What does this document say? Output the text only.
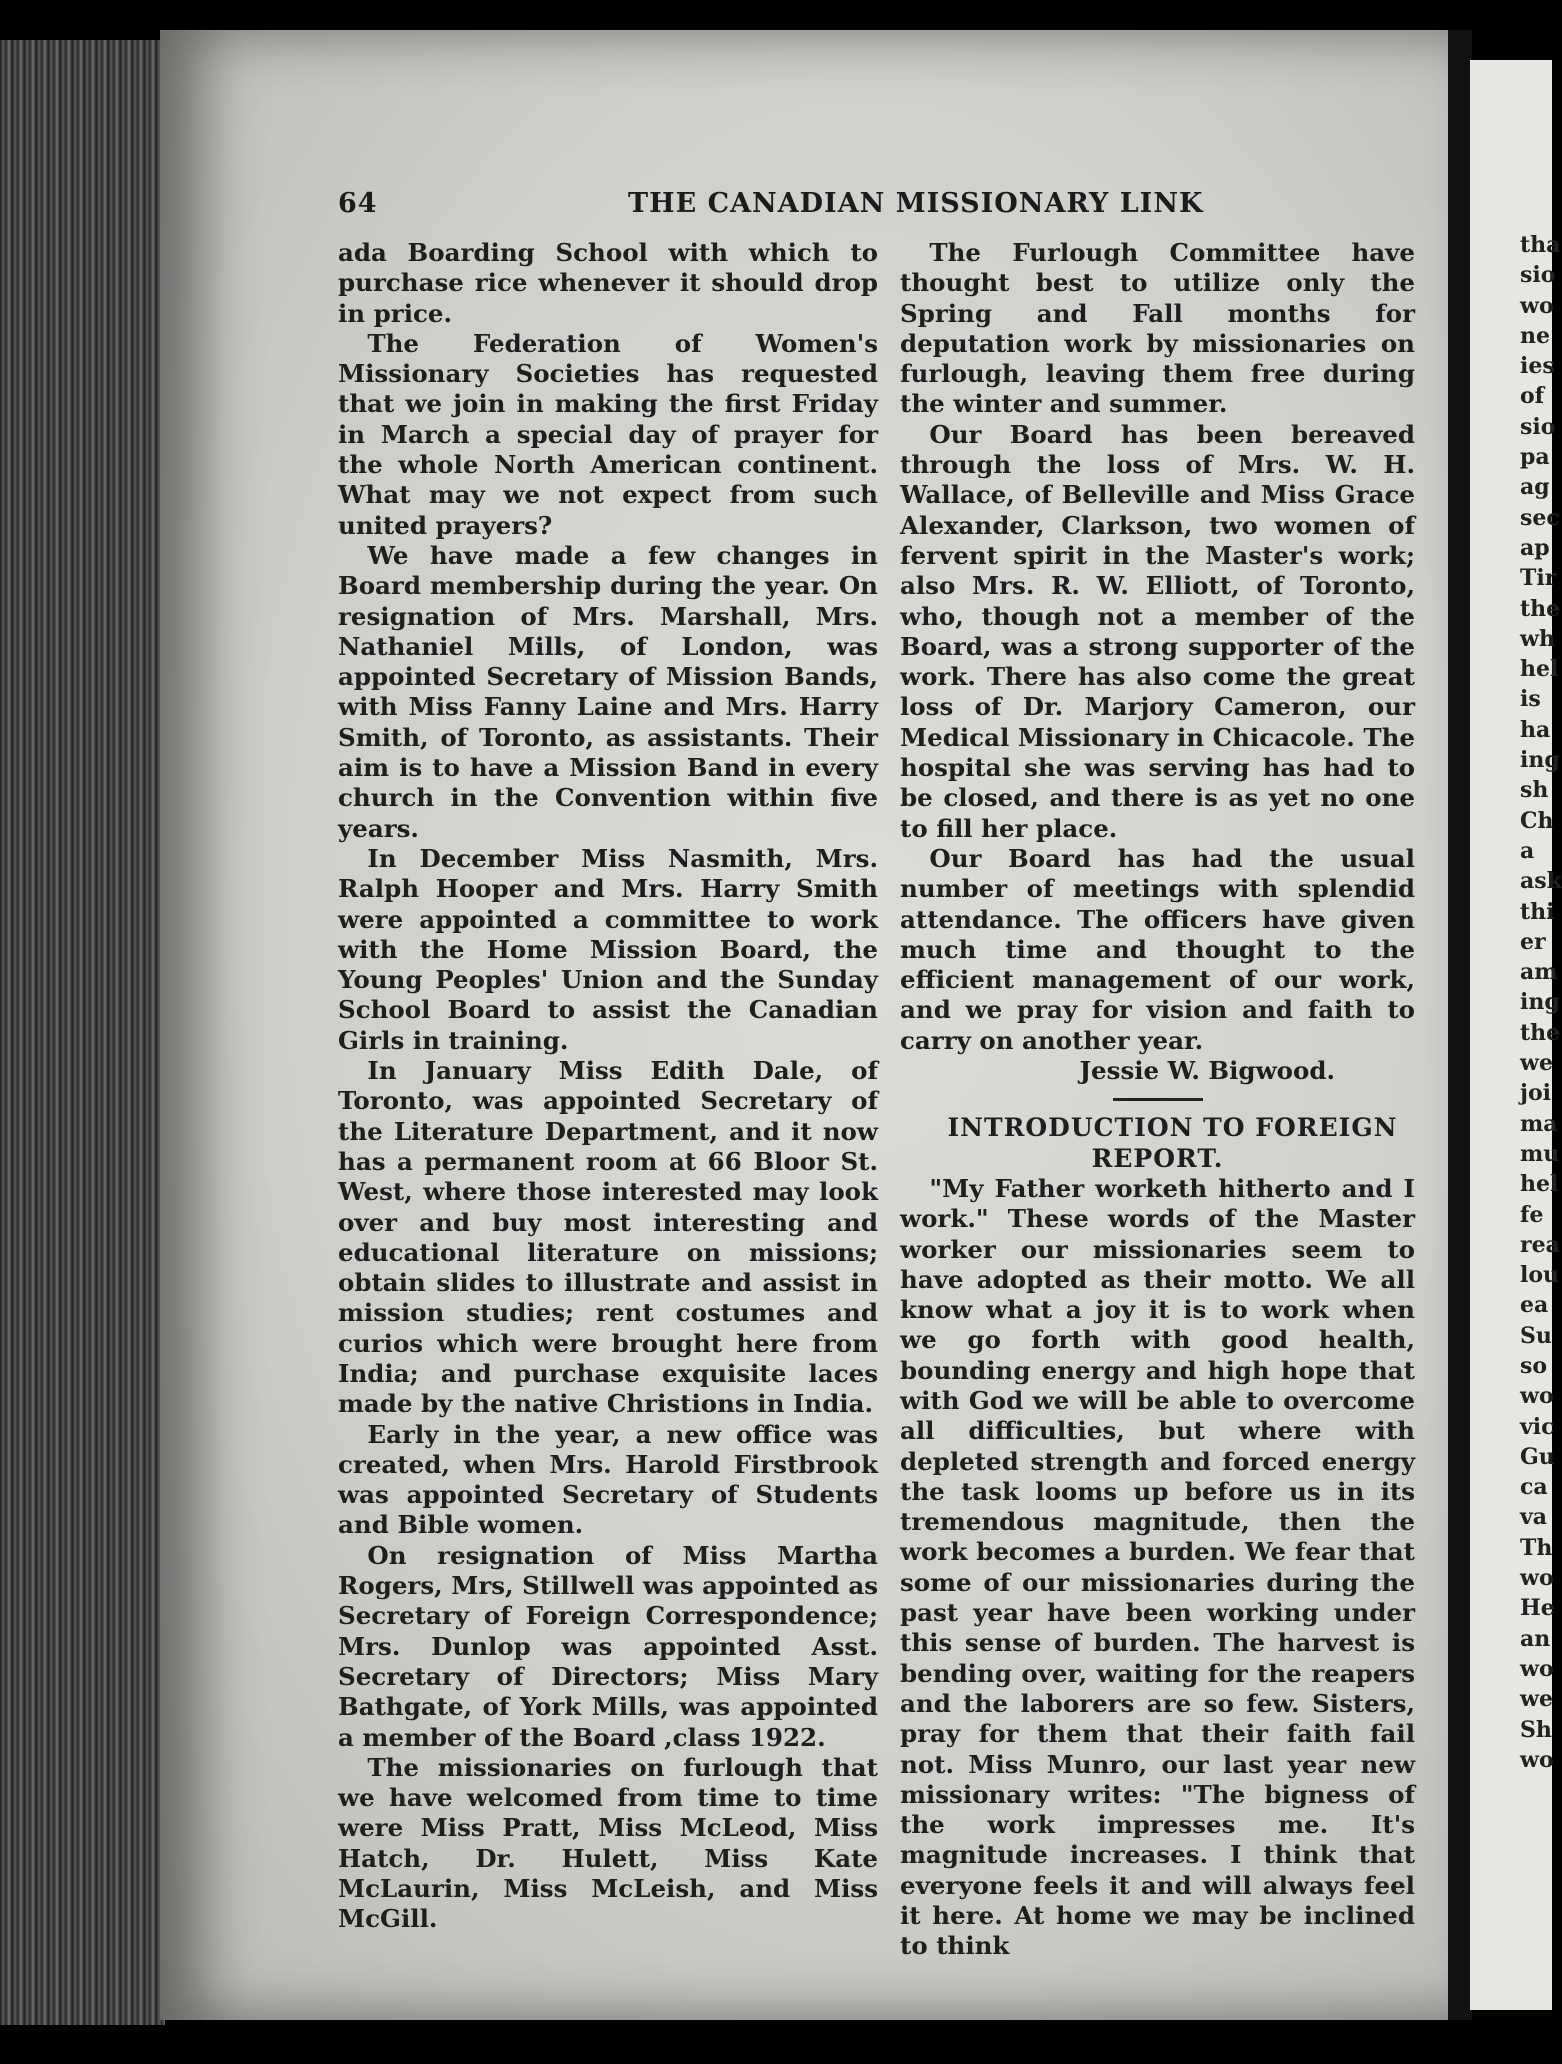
64	THE CANADIAN MISSIONARY LINK

ada Boarding School with which to purchase rice whenever it should drop in price.

The Federation of Women's Missionary Societies has requested that we join in making the first Friday in March a special day of prayer for the whole North American continent. What may we not expect from such united prayers?

We have made a few changes in Board membership during the year. On resignation of Mrs. Marshall, Mrs. Nathaniel Mills, of London, was appointed Secretary of Mission Bands, with Miss Fanny Laine and Mrs. Harry Smith, of Toronto, as assistants. Their aim is to have a Mission Band in every church in the Convention within five years.

In December Miss Nasmith, Mrs. Ralph Hooper and Mrs. Harry Smith were appointed a committee to work with the Home Mission Board, the Young Peoples' Union and the Sunday School Board to assist the Canadian Girls in training.

In January Miss Edith Dale, of Toronto, was appointed Secretary of the Literature Department, and it now has a permanent room at 66 Bloor St. West, where those interested may look over and buy most interesting and educational literature on missions; obtain slides to illustrate and assist in mission studies; rent costumes and curios which were brought here from India; and purchase exquisite laces made by the native Christions in India.

Early in the year, a new office was created, when Mrs. Harold Firstbrook was appointed Secretary of Students and Bible women.

On resignation of Miss Martha Rogers, Mrs, Stillwell was appointed as Secretary of Foreign Correspondence; Mrs. Dunlop was appointed Asst. Secretary of Directors; Miss Mary Bathgate, of York Mills, was appointed a member of the Board ,class 1922.

The missionaries on furlough that we have welcomed from time to time were Miss Pratt, Miss McLeod, Miss Hatch, Dr. Hulett, Miss Kate McLaurin, Miss McLeish, and Miss McGill.

The Furlough Committee have thought best to utilize only the Spring and Fall months for deputation work by missionaries on furlough, leaving them free during the winter and summer.

Our Board has been bereaved through the loss of Mrs. W. H. Wallace, of Belleville and Miss Grace Alexander, Clarkson, two women of fervent spirit in the Master's work; also Mrs. R. W. Elliott, of Toronto, who, though not a member of the Board, was a strong supporter of the work. There has also come the great loss of Dr. Marjory Cameron, our Medical Missionary in Chicacole. The hospital she was serving has had to be closed, and there is as yet no one to fill her place.

Our Board has had the usual number of meetings with splendid attendance. The officers have given much time and thought to the efficient management of our work, and we pray for vision and faith to carry on another year.

Jessie W. Bigwood.

INTRODUCTION TO FOREIGN REPORT.

"My Father worketh hitherto and I work." These words of the Master worker our missionaries seem to have adopted as their motto. We all know what a joy it is to work when we go forth with good health, bounding energy and high hope that with God we will be able to overcome all difficulties, but where with depleted strength and forced energy the task looms up before us in its tremendous magnitude, then the work becomes a burden. We fear that some of our missionaries during the past year have been working under this sense of burden. The harvest is bending over, waiting for the reapers and the laborers are so few. Sisters, pray for them that their faith fail not. Miss Munro, our last year new missionary writes: "The bigness of the work impresses me. It's magnitude increases. I think that everyone feels it and will always feel it here. At home we may be inclined to think

tha
sio
wo
ne
ies
of
sio
pa
ag
sec
ap
Tir
the
wh
hel
is
ha
ing
sh
Ch
a
ask
thi
er
am
ing
the
we
joi
ma
mu
hel
fe
rea
lou
ea
Su
so
wo
vic
Gu
ca
va
Th
wo
He
an
wo
we
Sh
wo
